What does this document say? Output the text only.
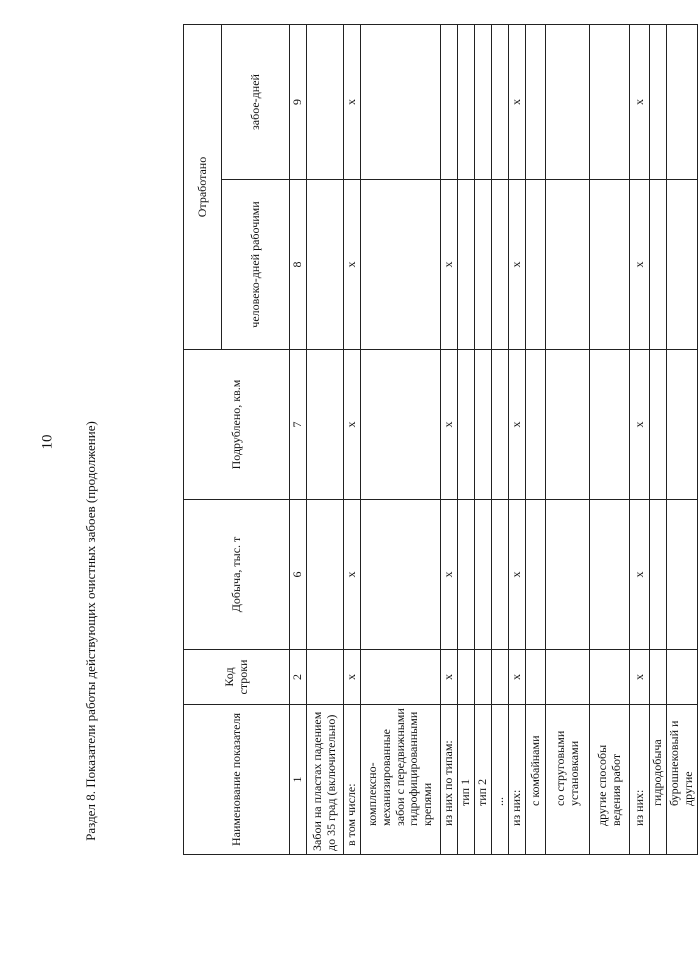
10 Раздел 8. Показатели работы действующих очистных забоев (продолжение)	Наименование показателя	Код строки	Добыча, тыс. т	Подрублено, кв.м	Отработано	
				человеко-дней рабочими	забое-дней
1	2	6	7	8	9
Забои на пластах падением до 35 град (включительно)					
в том числе:	х	х	х	х	х
комплексно-механизированные забои с передвижными гидрофицированными крепями					
из них по типам:	х	х	х	х	
тип 1					
тип 2					
...					
из них:	х	х	х	х	х
с комбайнами					
со струговыми установками					
другие способы ведения работ					
из них:	х	х	х	х	х
гидродобыча					
бурошнековый и другие					
